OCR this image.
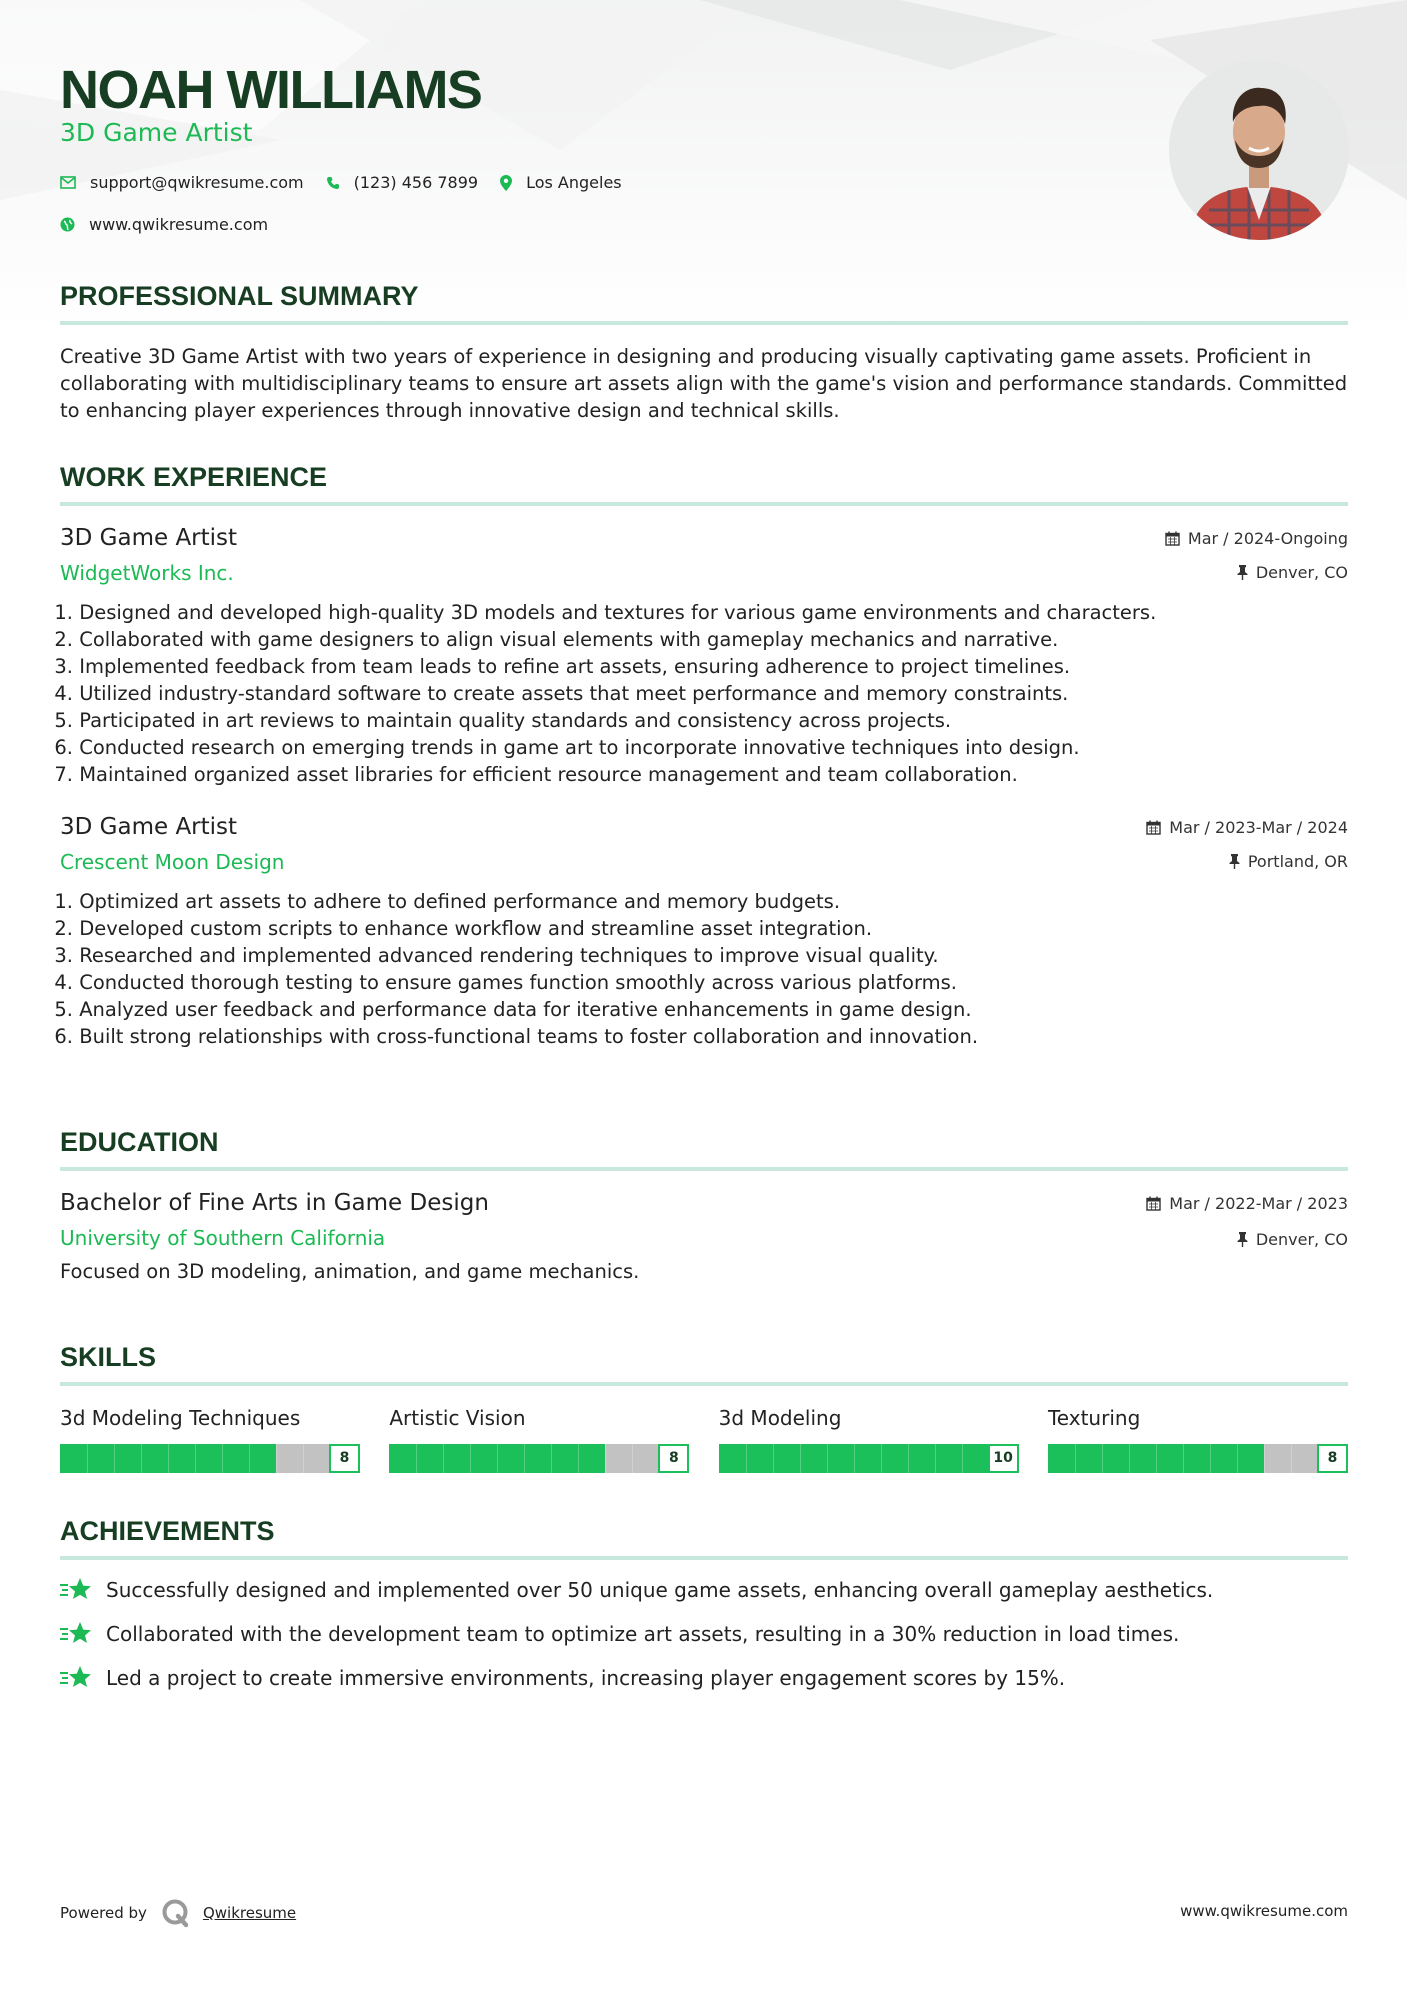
NOAH WILLIAMS
3D Game Artist
support@qwikresume.com	(123) 456 7899	Los Angeles
www.qwikresume.com
PROFESSIONAL SUMMARY
Creative 3D Game Artist with two years of experience in designing and producing visually captivating game assets. Proficient in collaborating with multidisciplinary teams to ensure art assets align with the game's vision and performance standards. Committed to enhancing player experiences through innovative design and technical skills.
WORK EXPERIENCE
3D Game Artist
WidgetWorks Inc.
Mar / 2024-Ongoing
Denver, CO
1.
Designed and developed high-quality 3D models and textures for various game environments and characters.
2.
Collaborated with game designers to align visual elements with gameplay mechanics and narrative.
3.
Implemented feedback from team leads to refine art assets, ensuring adherence to project timelines.
4.
Utilized industry-standard software to create assets that meet performance and memory constraints.
5.
Participated in art reviews to maintain quality standards and consistency across projects.
6.
Conducted research on emerging trends in game art to incorporate innovative techniques into design.
7.
Maintained organized asset libraries for efficient resource management and team collaboration.
3D Game Artist
Crescent Moon Design
Mar / 2023-Mar / 2024
Portland, OR
1.
Optimized art assets to adhere to defined performance and memory budgets.
2.
Developed custom scripts to enhance workflow and streamline asset integration.
3.
Researched and implemented advanced rendering techniques to improve visual quality.
4.
Conducted thorough testing to ensure games function smoothly across various platforms.
5.
Analyzed user feedback and performance data for iterative enhancements in game design.
6.
Built strong relationships with cross-functional teams to foster collaboration and innovation.
EDUCATION
Bachelor of Fine Arts in Game Design
University of Southern California
Mar / 2022-Mar / 2023
Denver, CO
Focused on 3D modeling, animation, and game mechanics.
SKILLS
3d Modeling Techniques
8
Artistic Vision
8
3d Modeling
10
Texturing
8
ACHIEVEMENTS
Successfully designed and implemented over 50 unique game assets, enhancing overall gameplay aesthetics.
Collaborated with the development team to optimize art assets, resulting in a 30% reduction in load times.
Led a project to create immersive environments, increasing player engagement scores by 15%.
Powered by	Qwikresume	www.qwikresume.com
